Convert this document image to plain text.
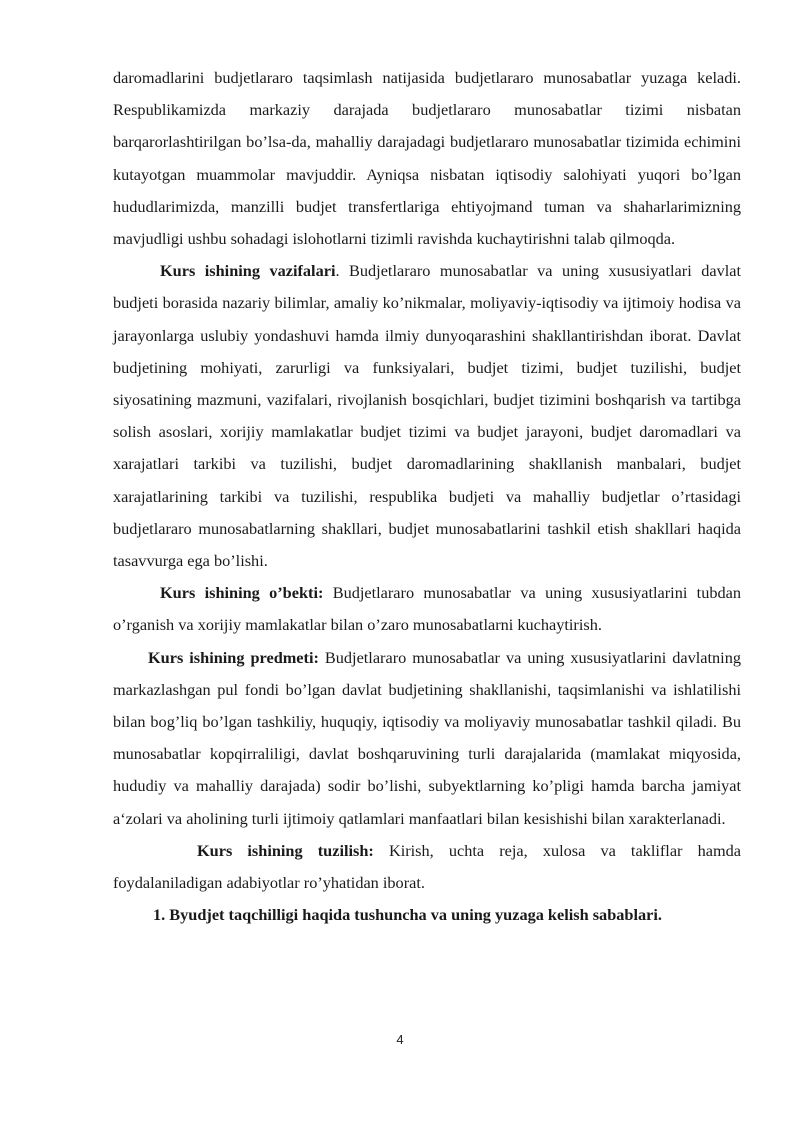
daromadlarini budjetlararo taqsimlash natijasida budjetlararo munosabatlar yuzaga keladi. Respublikamizda markaziy darajada budjetlararo munosabatlar tizimi nisbatan barqarorlashtirilgan bo’lsa-da, mahalliy darajadagi budjetlararo munosabatlar tizimida echimini kutayotgan muammolar mavjuddir. Ayniqsa nisbatan iqtisodiy salohiyati yuqori bo’lgan hududlarimizda, manzilli budjet transfertlariga ehtiyojmand tuman va shaharlarimizning mavjudligi ushbu sohadagi islohotlarni tizimli ravishda kuchaytirishni talab qilmoqda.

Kurs ishining vazifalari. Budjetlararo munosabatlar va uning xususiyatlari davlat budjeti borasida nazariy bilimlar, amaliy ko’nikmalar, moliyaviy-iqtisodiy va ijtimoiy hodisa va jarayonlarga uslubiy yondashuvi hamda ilmiy dunyoqarashini shakllantirishdan iborat. Davlat budjetining mohiyati, zarurligi va funksiyalari, budjet tizimi, budjet tuzilishi, budjet siyosatining mazmuni, vazifalari, rivojlanish bosqichlari, budjet tizimini boshqarish va tartibga solish asoslari, xorijiy mamlakatlar budjet tizimi va budjet jarayoni, budjet daromadlari va xarajatlari tarkibi va tuzilishi, budjet daromadlarining shakllanish manbalari, budjet xarajatlarining tarkibi va tuzilishi, respublika budjeti va mahalliy budjetlar o’rtasidagi budjetlararo munosabatlarning shakllari, budjet munosabatlarini tashkil etish shakllari haqida tasavvurga ega bo’lishi.

Kurs ishining o’bekti: Budjetlararo munosabatlar va uning xususiyatlarini tubdan o’rganish va xorijiy mamlakatlar bilan o’zaro munosabatlarni kuchaytirish.

Kurs ishining predmeti: Budjetlararo munosabatlar va uning xususiyatlarini davlatning markazlashgan pul fondi bo’lgan davlat budjetining shakllanishi, taqsimlanishi va ishlatilishi bilan bog’liq bo’lgan tashkiliy, huquqiy, iqtisodiy va moliyaviy munosabatlar tashkil qiladi. Bu munosabatlar kopqirraliligi, davlat boshqaruvining turli darajalarida (mamlakat miqyosida, hududiy va mahalliy darajada) sodir bo’lishi, subyektlarning ko’pligi hamda barcha jamiyat a‘zolari va aholining turli ijtimoiy qatlamlari manfaatlari bilan kesishishi bilan xarakterlanadi.

Kurs ishining tuzilish: Kirish, uchta reja, xulosa va takliflar hamda foydalaniladigan adabiyotlar ro’yhatidan iborat.

1. Byudjet taqchilligi haqida tushuncha va uning yuzaga kelish sabablari.

4
